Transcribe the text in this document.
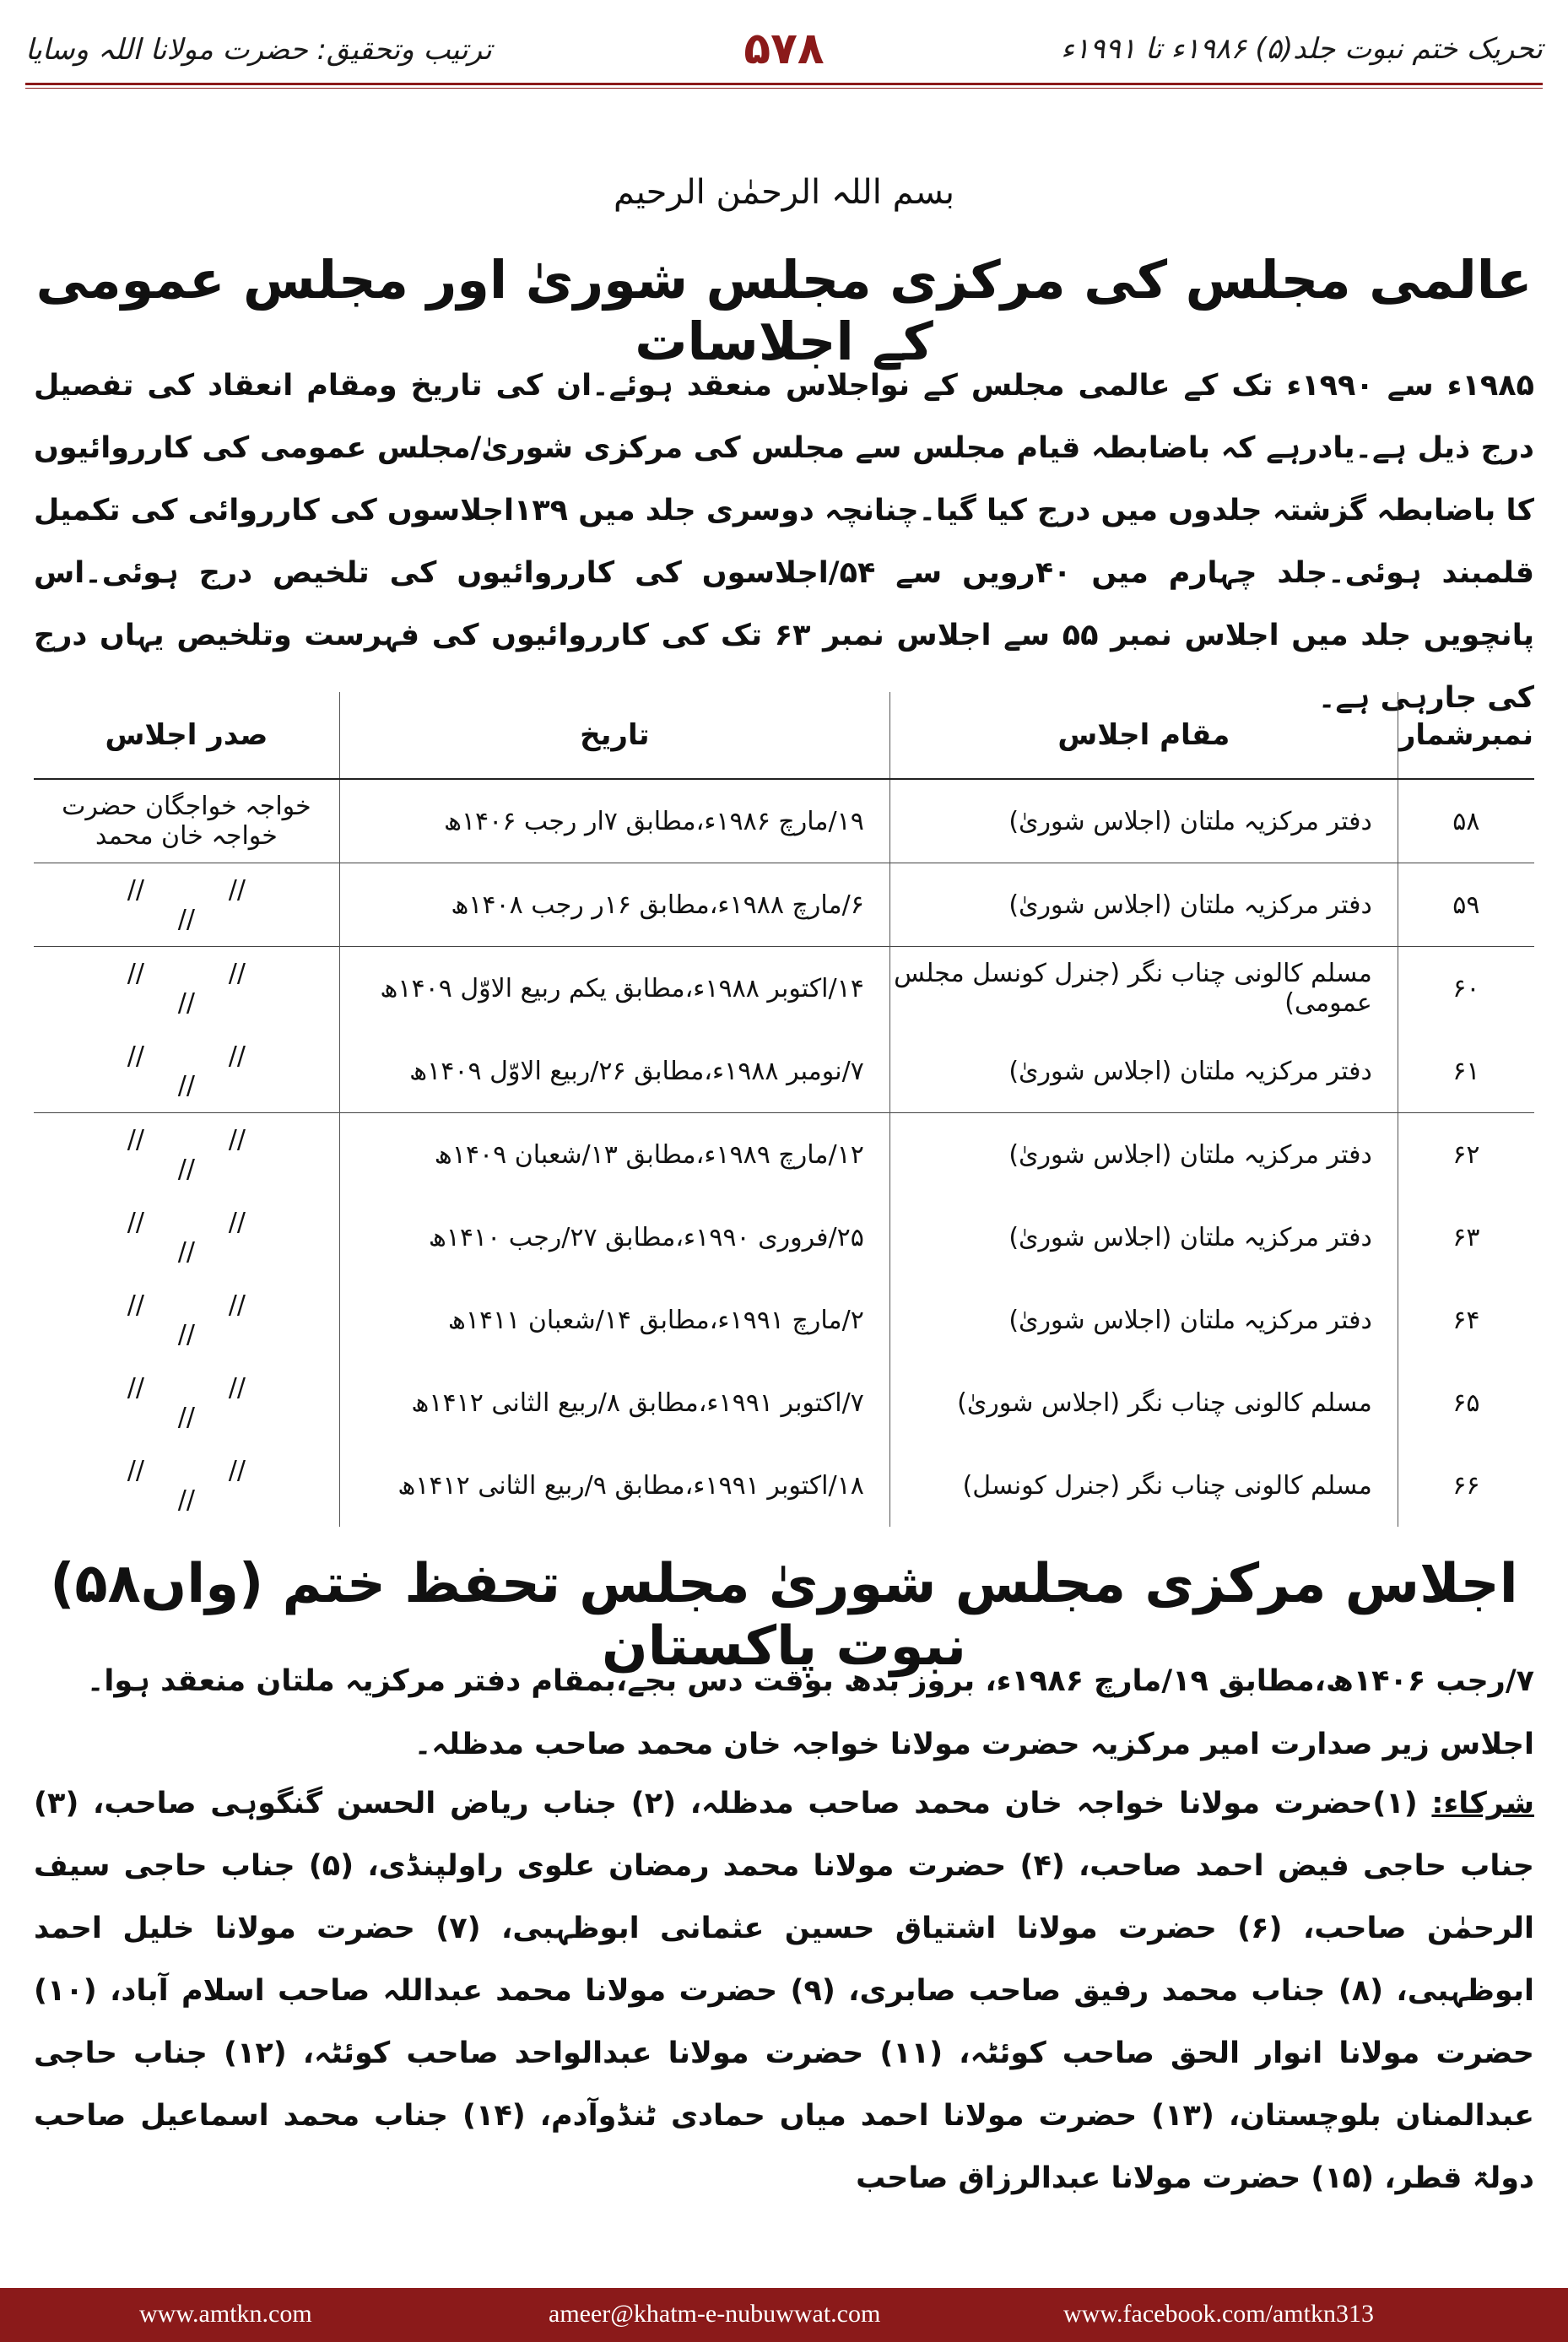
تحریک ختم نبوت جلد(۵) ۱۹۸۶ء تا ۱۹۹۱ء
۵۷۸
ترتیب وتحقیق: حضرت مولانا اللہ وسایا
بسم اللہ الرحمٰن الرحیم
عالمی مجلس کی مرکزی مجلس شوریٰ اور مجلس عمومی کے اجلاسات
۱۹۸۵ء سے ۱۹۹۰ء تک کے عالمی مجلس کے نواجلاس منعقد ہوئے۔ان کی تاریخ ومقام انعقاد کی تفصیل درج ذیل ہے۔یادرہے کہ باضابطہ قیام مجلس سے مجلس کی مرکزی شوریٰ/مجلس عمومی کی کارروائیوں کا باضابطہ گزشتہ جلدوں میں درج کیا گیا۔چنانچہ دوسری جلد میں ۱۳۹اجلاسوں کی کارروائی کی تکمیل قلمبند ہوئی۔جلد چہارم میں ۴۰رویں سے ۵۴/اجلاسوں کی کارروائیوں کی تلخیص درج ہوئی۔اس پانچویں جلد میں اجلاس نمبر ۵۵ سے اجلاس نمبر ۶۳ تک کی کارروائیوں کی فہرست وتلخیص یہاں درج کی جارہی ہے۔
نمبرشمار	مقام اجلاس	تاریخ	صدر اجلاس
۵۸	دفتر مرکزیہ ملتان (اجلاس شوریٰ)	۱۹/مارچ ۱۹۸۶ء،مطابق ۷ار رجب ۱۴۰۶ھ	خواجہ خواجگان حضرت خواجہ خان محمد
۵۹	دفتر مرکزیہ ملتان (اجلاس شوریٰ)	۶/مارچ ۱۹۸۸ء،مطابق ۱۶ر رجب ۱۴۰۸ھ	//////
۶۰	مسلم کالونی چناب نگر (جنرل کونسل مجلس عمومی)	۱۴/اکتوبر ۱۹۸۸ء،مطابق یکم ربیع الاوّل ۱۴۰۹ھ	//////
۶۱	دفتر مرکزیہ ملتان (اجلاس شوریٰ)	۷/نومبر ۱۹۸۸ء،مطابق ۲۶/ربیع الاوّل ۱۴۰۹ھ	//////
۶۲	دفتر مرکزیہ ملتان (اجلاس شوریٰ)	۱۲/مارچ ۱۹۸۹ء،مطابق ۱۳/شعبان ۱۴۰۹ھ	//////
۶۳	دفتر مرکزیہ ملتان (اجلاس شوریٰ)	۲۵/فروری ۱۹۹۰ء،مطابق ۲۷/رجب ۱۴۱۰ھ	//////
۶۴	دفتر مرکزیہ ملتان (اجلاس شوریٰ)	۲/مارچ ۱۹۹۱ء،مطابق ۱۴/شعبان ۱۴۱۱ھ	//////
۶۵	مسلم کالونی چناب نگر (اجلاس شوریٰ)	۷/اکتوبر ۱۹۹۱ء،مطابق ۸/ربیع الثانی ۱۴۱۲ھ	//////
۶۶	مسلم کالونی چناب نگر (جنرل کونسل)	۱۸/اکتوبر ۱۹۹۱ء،مطابق ۹/ربیع الثانی ۱۴۱۲ھ	//////
(۵۸واں) اجلاس مرکزی مجلس شوریٰ مجلس تحفظ ختم نبوت پاکستان
۷/رجب ۱۴۰۶ھ،مطابق ۱۹/مارچ ۱۹۸۶ء، بروز بدھ بوقت دس بجے،بمقام دفتر مرکزیہ ملتان منعقد ہوا۔
اجلاس زیر صدارت امیر مرکزیہ حضرت مولانا خواجہ خان محمد صاحب مدظلہ۔
شرکاء: (۱)حضرت مولانا خواجہ خان محمد صاحب مدظلہ، (۲) جناب ریاض الحسن گنگوہی صاحب، (۳) جناب حاجی فیض احمد صاحب، (۴) حضرت مولانا محمد رمضان علوی راولپنڈی، (۵) جناب حاجی سیف الرحمٰن صاحب، (۶) حضرت مولانا اشتیاق حسین عثمانی ابوظہبی، (۷) حضرت مولانا خلیل احمد ابوظہبی، (۸) جناب محمد رفیق صاحب صابری، (۹) حضرت مولانا محمد عبداللہ صاحب اسلام آباد، (۱۰) حضرت مولانا انوار الحق صاحب کوئٹہ، (۱۱) حضرت مولانا عبدالواحد صاحب کوئٹہ، (۱۲) جناب حاجی عبدالمنان بلوچستان، (۱۳) حضرت مولانا احمد میاں حمادی ٹنڈوآدم، (۱۴) جناب محمد اسماعیل صاحب دولۃ قطر، (۱۵) حضرت مولانا عبدالرزاق صاحب
www.amtkn.com	ameer@khatm-e-nubuwwat.com	www.facebook.com/amtkn313
